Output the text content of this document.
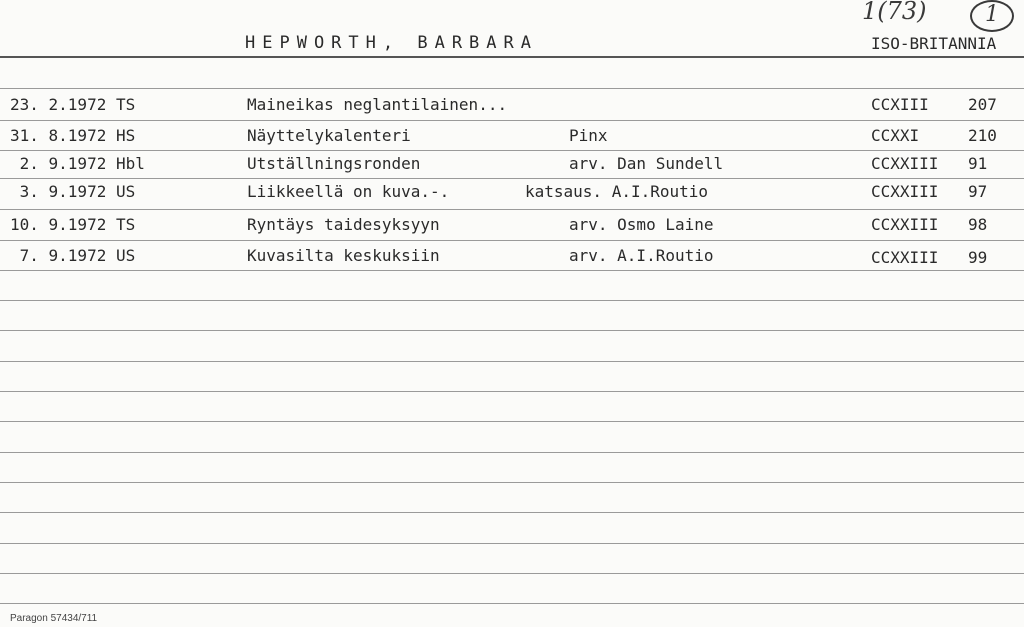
1(73)	1
HEPWORTH, BARBARA	ISO-BRITANNIA
23. 2.1972 TS	Maineikas neglantilainen...	CCXIII 207
31. 8.1972 HS	Näyttelykalenteri	Pinx	CCXXI	210
2. 9.1972 Hbl	Utställningsronden	arv. Dan Sundell	CCXXIII 91
3. 9.1972 US	Liikkeellä on kuva.-.	katsaus. A.I.Routio	CCXXIII 97
10. 9.1972 TS	Ryntäys taidesyksyyn	arv. Osmo Laine	CCXXIII 98
7. 9.1972 US	Kuvasilta keskuksiin	arv. A.I.Routio	CCXXIII 99
Paragon 57434/711
